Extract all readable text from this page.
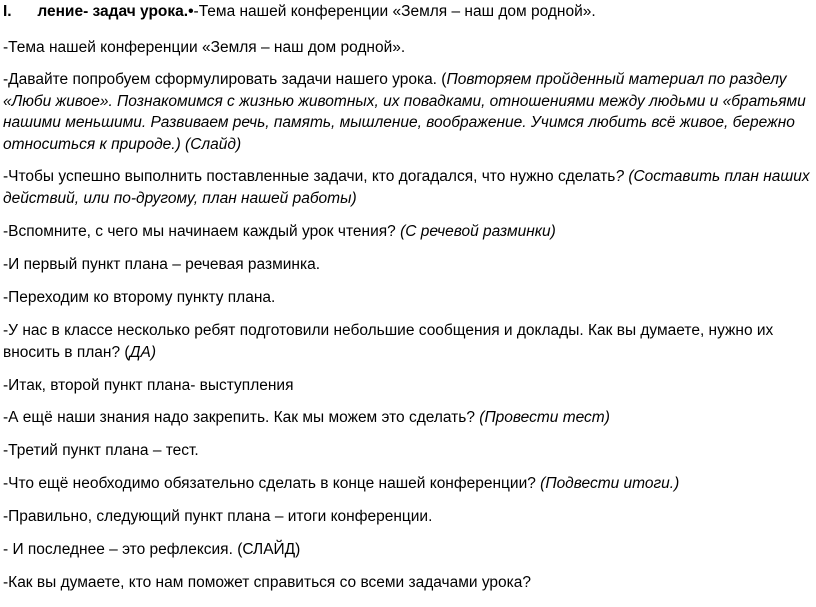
I. ление- задач урока.•-Тема нашей конференции «Земля – наш дом родной».

-Тема нашей конференции «Земля – наш дом родной».

-Давайте попробуем сформулировать задачи нашего урока. (Повторяем пройденный материал по разделу «Люби живое». Познакомимся с жизнью животных, их повадками, отношениями между людьми и «братьями нашими меньшими. Развиваем речь, память, мышление, воображение. Учимся любить всё живое, бережно относиться к природе.) (Слайд)

-Чтобы успешно выполнить поставленные задачи, кто догадался, что нужно сделать? (Составить план наших действий, или по-другому, план нашей работы)

-Вспомните, с чего мы начинаем каждый урок чтения? (С речевой разминки)

-И первый пункт плана – речевая разминка.

-Переходим ко второму пункту плана.

-У нас в классе несколько ребят подготовили небольшие сообщения и доклады. Как вы думаете, нужно их вносить в план? (ДА)

-Итак, второй пункт плана- выступления

-А ещё наши знания надо закрепить. Как мы можем это сделать? (Провести тест)

-Третий пункт плана – тест.

-Что ещё необходимо обязательно сделать в конце нашей конференции? (Подвести итоги.)

-Правильно, следующий пункт плана – итоги конференции.

- И последнее – это рефлексия. (СЛАЙД)

-Как вы думаете, кто нам поможет справиться со всеми задачами урока?
